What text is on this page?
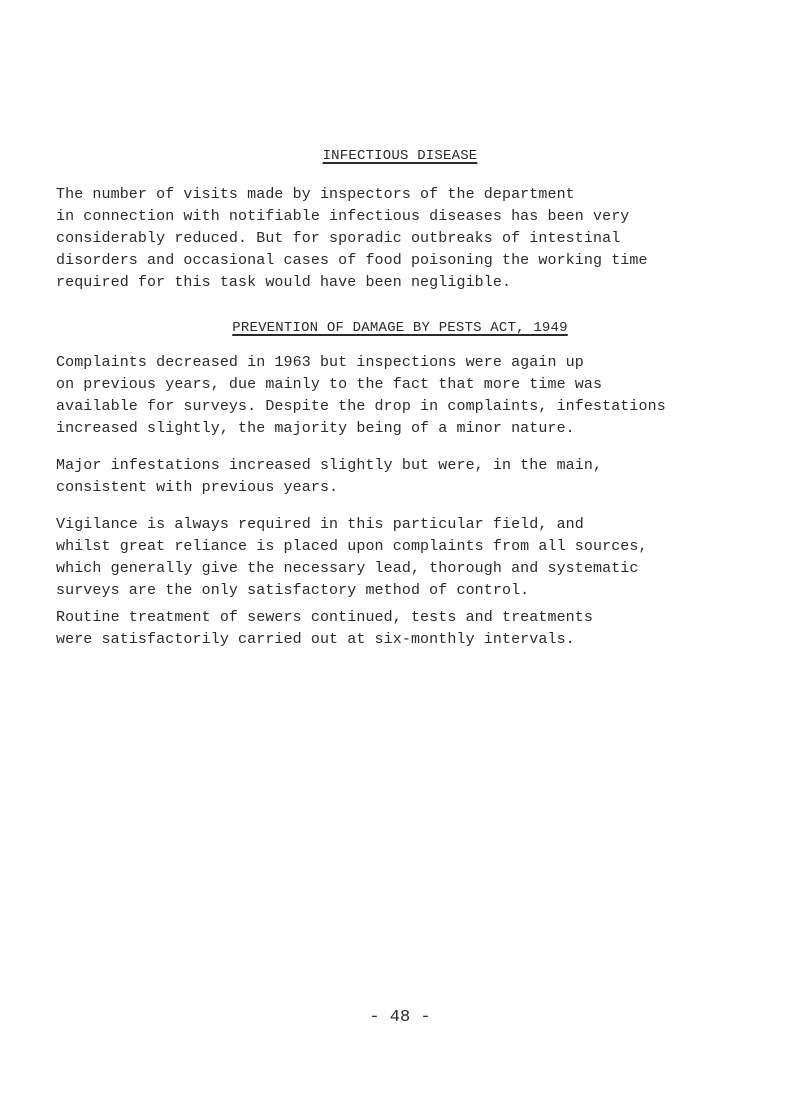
INFECTIOUS DISEASE

The number of visits made by inspectors of the department
in connection with notifiable infectious diseases has been very
considerably reduced. But for sporadic outbreaks of intestinal
disorders and occasional cases of food poisoning the working time
required for this task would have been negligible.

PREVENTION OF DAMAGE BY PESTS ACT, 1949

Complaints decreased in 1963 but inspections were again up
on previous years, due mainly to the fact that more time was
available for surveys. Despite the drop in complaints, infestations
increased slightly, the majority being of a minor nature.

Major infestations increased slightly but were, in the main,
consistent with previous years.

Vigilance is always required in this particular field, and
whilst great reliance is placed upon complaints from all sources,
which generally give the necessary lead, thorough and systematic
surveys are the only satisfactory method of control.

Routine treatment of sewers continued, tests and treatments
were satisfactorily carried out at six-monthly intervals.

- 48 -
